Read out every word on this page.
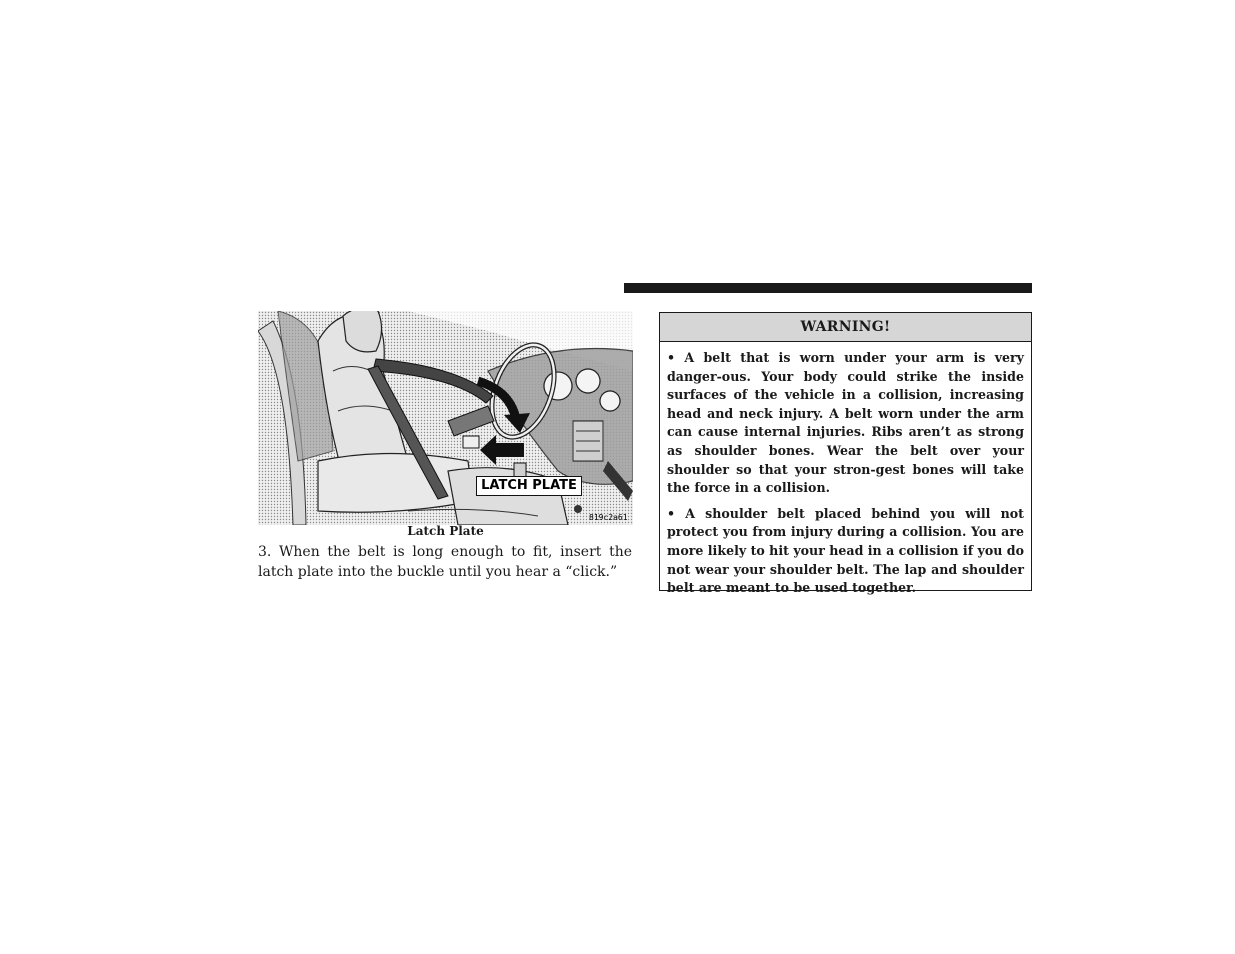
LATCH PLATE
819c2a61
Latch Plate

3. When the belt is long enough to fit, insert the latch plate into the buckle until you hear a “click.”

WARNING!

• A belt that is worn under your arm is very danger-ous. Your body could strike the inside surfaces of the vehicle in a collision, increasing head and neck injury. A belt worn under the arm can cause internal injuries. Ribs aren’t as strong as shoulder bones. Wear the belt over your shoulder so that your stron-gest bones will take the force in a collision.

• A shoulder belt placed behind you will not protect you from injury during a collision. You are more likely to hit your head in a collision if you do not wear your shoulder belt. The lap and shoulder belt are meant to be used together.
